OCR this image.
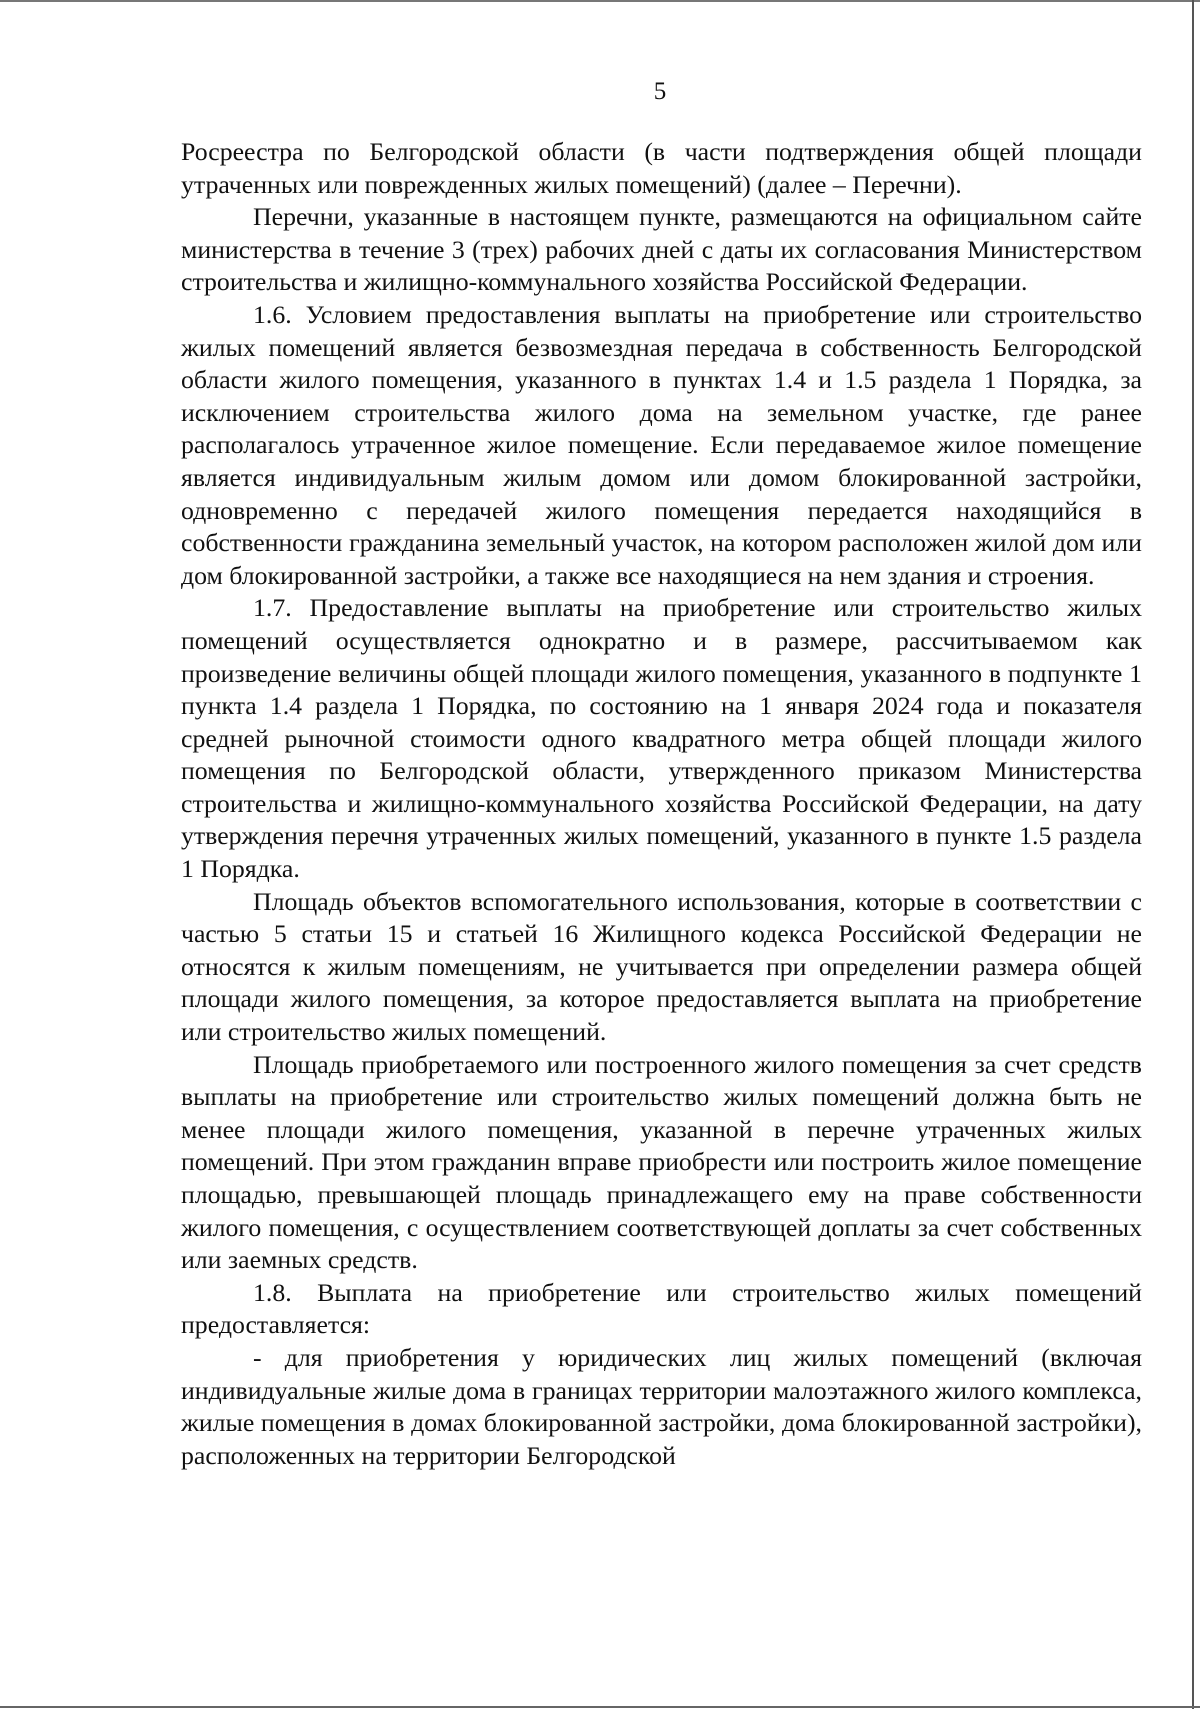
5

Росреестра по Белгородской области (в части подтверждения общей площади утраченных или поврежденных жилых помещений) (далее – Перечни).

Перечни, указанные в настоящем пункте, размещаются на официальном сайте министерства в течение 3 (трех) рабочих дней с даты их согласования Министерством строительства и жилищно-коммунального хозяйства Российской Федерации.

1.6. Условием предоставления выплаты на приобретение или строительство жилых помещений является безвозмездная передача в собственность Белгородской области жилого помещения, указанного в пунктах 1.4 и 1.5 раздела 1 Порядка, за исключением строительства жилого дома на земельном участке, где ранее располагалось утраченное жилое помещение. Если передаваемое жилое помещение является индивидуальным жилым домом или домом блокированной застройки, одновременно с передачей жилого помещения передается находящийся в собственности гражданина земельный участок, на котором расположен жилой дом или дом блокированной застройки, а также все находящиеся на нем здания и строения.

1.7. Предоставление выплаты на приобретение или строительство жилых помещений осуществляется однократно и в размере, рассчитываемом как произведение величины общей площади жилого помещения, указанного в подпункте 1 пункта 1.4 раздела 1 Порядка, по состоянию на 1 января 2024 года и показателя средней рыночной стоимости одного квадратного метра общей площади жилого помещения по Белгородской области, утвержденного приказом Министерства строительства и жилищно-коммунального хозяйства Российской Федерации, на дату утверждения перечня утраченных жилых помещений, указанного в пункте 1.5 раздела 1 Порядка.

Площадь объектов вспомогательного использования, которые в соответствии с частью 5 статьи 15 и статьей 16 Жилищного кодекса Российской Федерации не относятся к жилым помещениям, не учитывается при определении размера общей площади жилого помещения, за которое предоставляется выплата на приобретение или строительство жилых помещений.

Площадь приобретаемого или построенного жилого помещения за счет средств выплаты на приобретение или строительство жилых помещений должна быть не менее площади жилого помещения, указанной в перечне утраченных жилых помещений. При этом гражданин вправе приобрести или построить жилое помещение площадью, превышающей площадь принадлежащего ему на праве собственности жилого помещения, с осуществлением соответствующей доплаты за счет собственных или заемных средств.

1.8. Выплата на приобретение или строительство жилых помещений предоставляется:

- для приобретения у юридических лиц жилых помещений (включая индивидуальные жилые дома в границах территории малоэтажного жилого комплекса, жилые помещения в домах блокированной застройки, дома блокированной застройки), расположенных на территории Белгородской
